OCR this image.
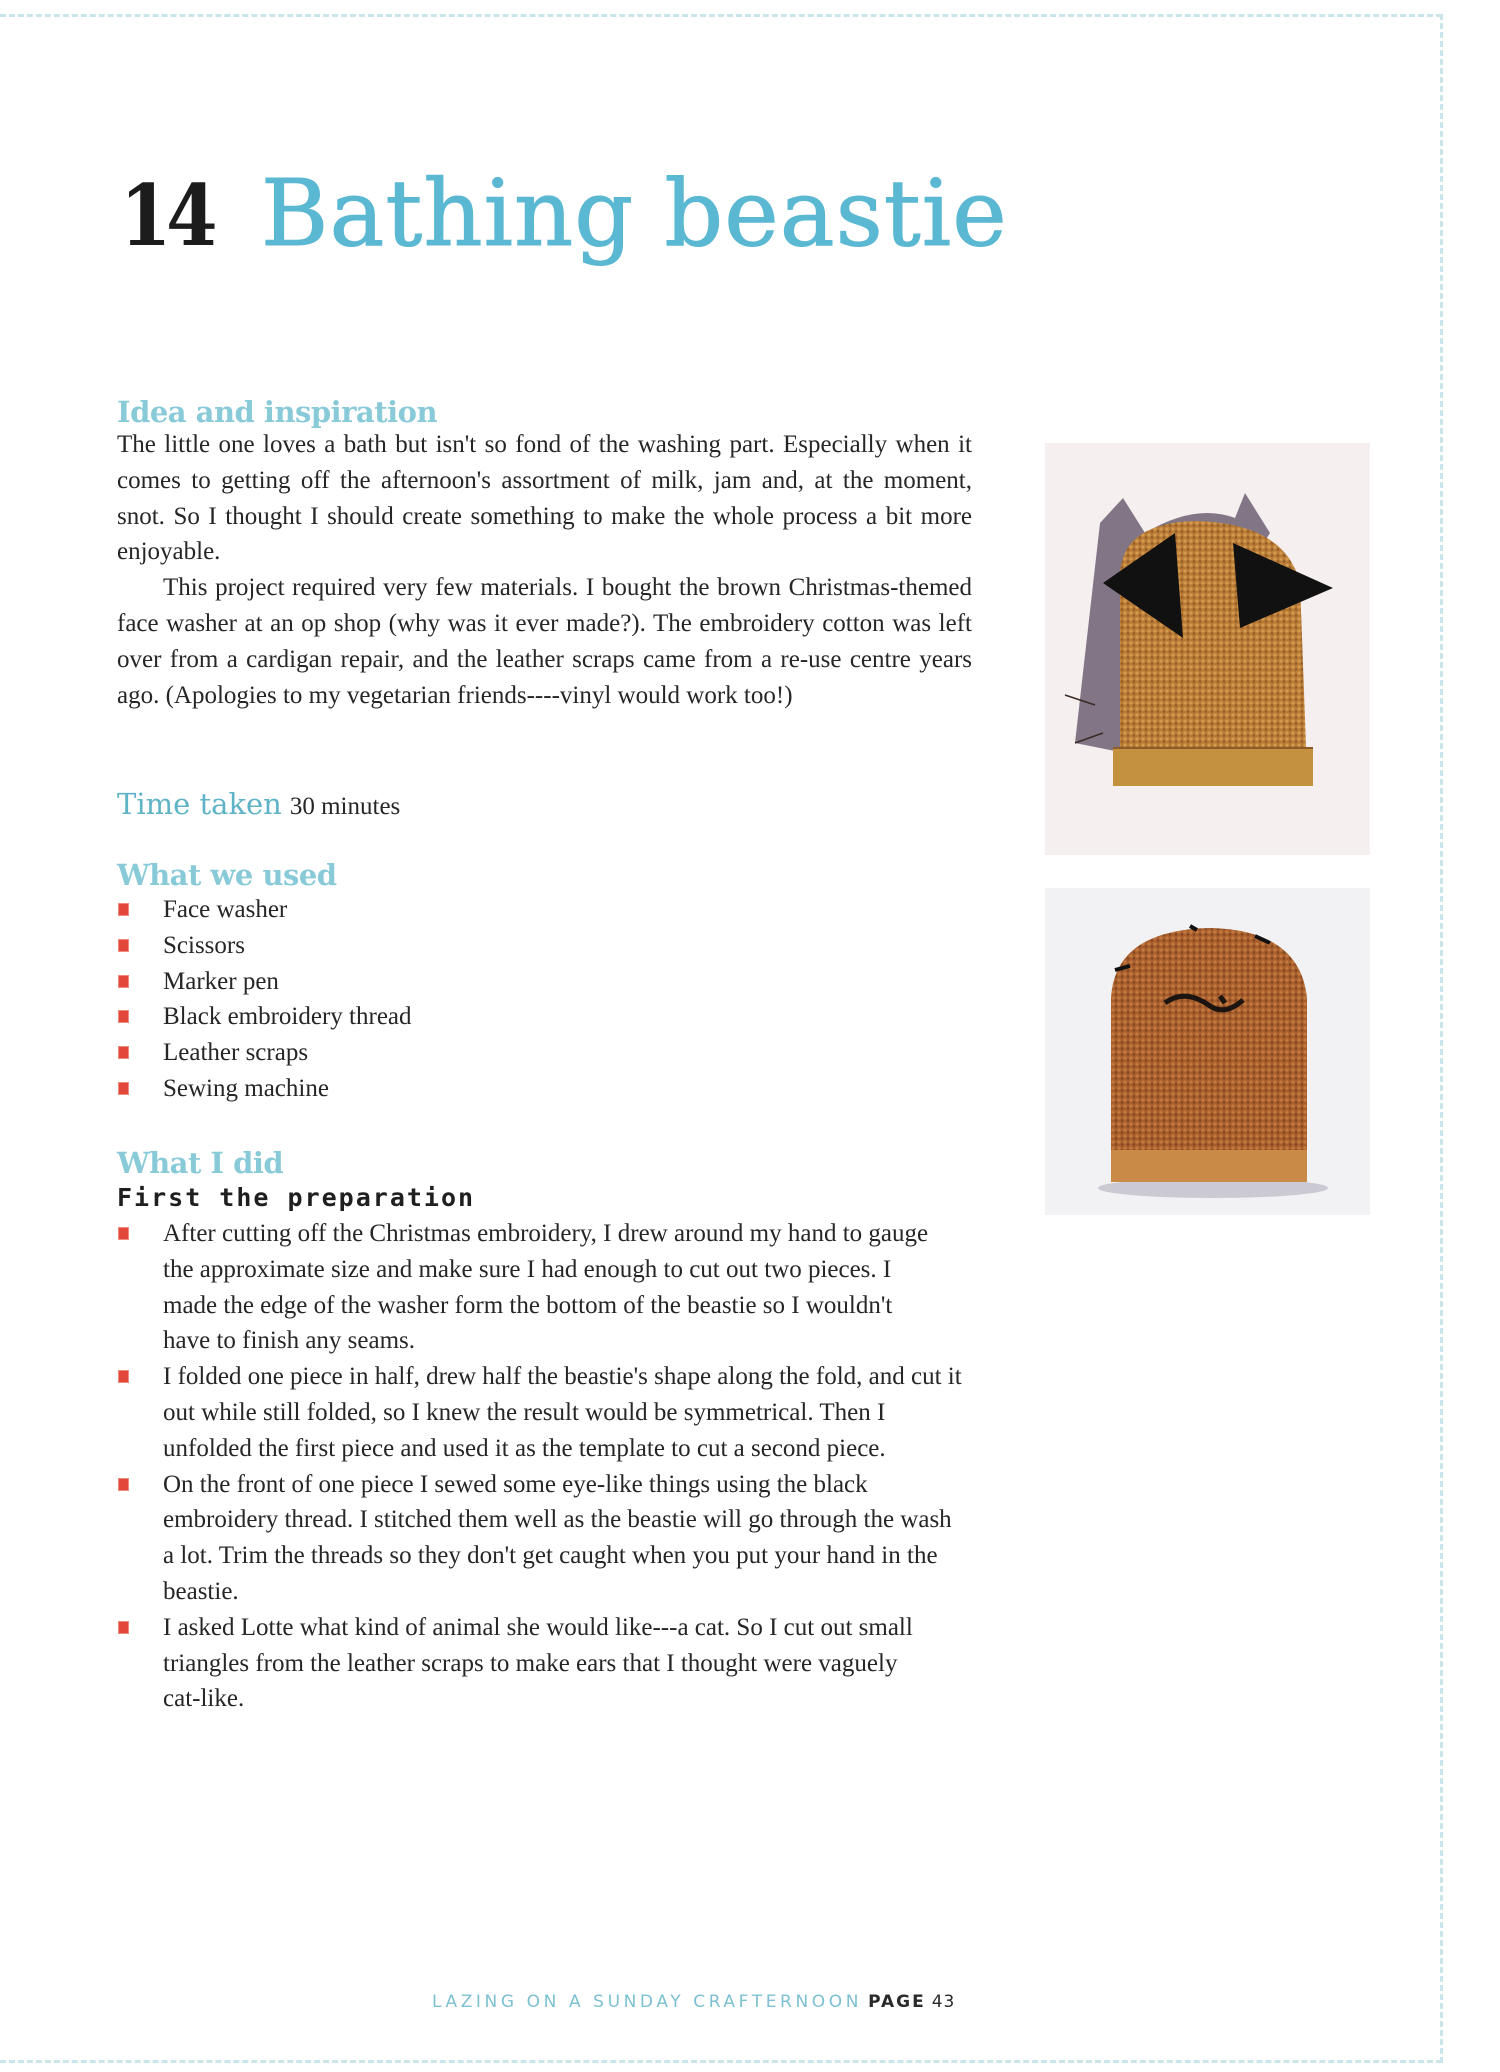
14 Bathing beastie
Idea and inspiration

The little one loves a bath but isn't so fond of the washing part. Especially when it comes to getting off the afternoon's assortment of milk, jam and, at the moment, snot. So I thought I should create something to make the whole process a bit more enjoyable.

This project required very few materials. I bought the brown Christmas-themed face washer at an op shop (why was it ever made?). The embroidery cotton was left over from a cardigan repair, and the leather scraps came from a re-use centre years ago. (Apologies to my vegetarian friends----vinyl would work too!)

Time taken 30 minutes
What we used
Face washer
Scissors
Marker pen
Black embroidery thread
Leather scraps
Sewing machine
What I did
First the preparation
After cutting off the Christmas embroidery, I drew around my hand to gauge the approximate size and make sure I had enough to cut out two pieces. I made the edge of the washer form the bottom of the beastie so I wouldn't have to finish any seams.
I folded one piece in half, drew half the beastie's shape along the fold, and cut it out while still folded, so I knew the result would be symmetrical. Then I unfolded the first piece and used it as the template to cut a second piece.
On the front of one piece I sewed some eye-like things using the black embroidery thread. I stitched them well as the beastie will go through the wash a lot. Trim the threads so they don't get caught when you put your hand in the beastie.
I asked Lotte what kind of animal she would like---a cat. So I cut out small triangles from the leather scraps to make ears that I thought were vaguely cat-like.
LAZING ON A SUNDAY CRAFTERNOON PAGE 43
